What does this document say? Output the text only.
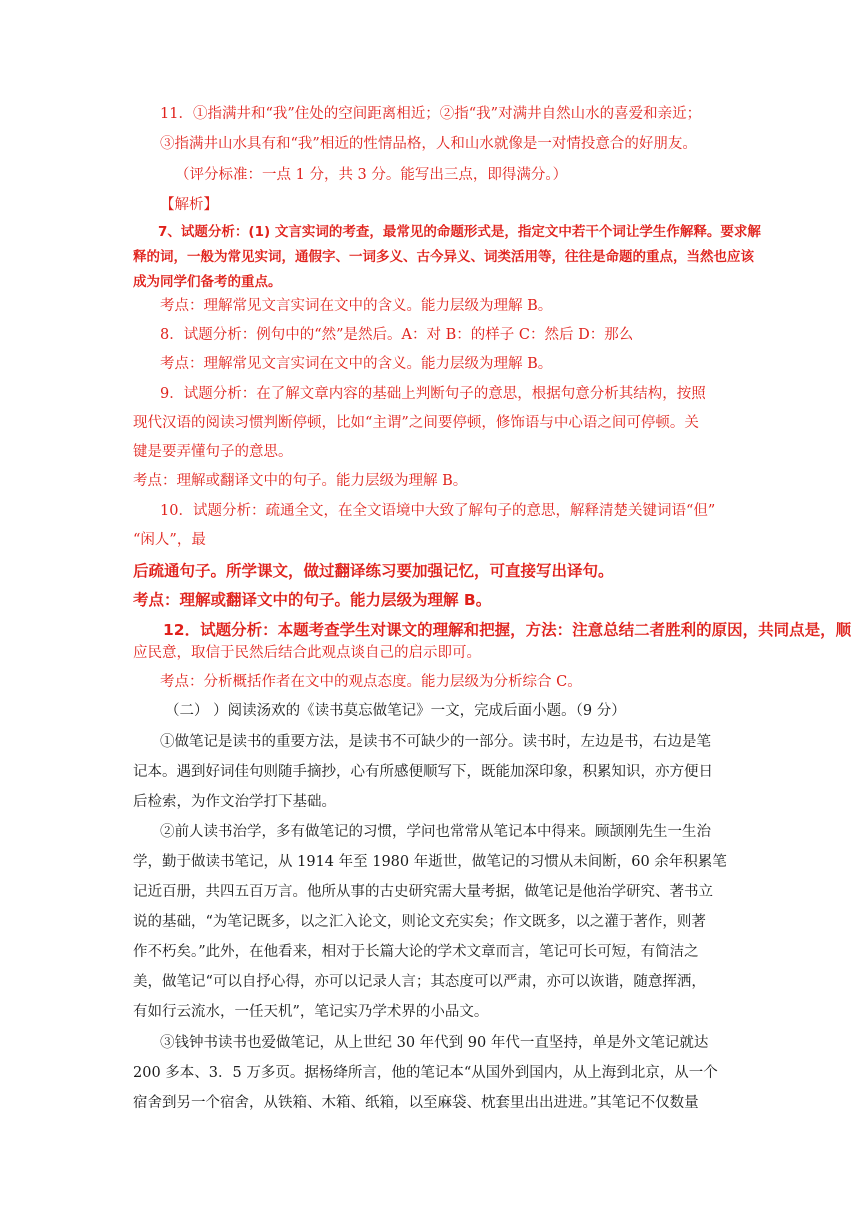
11．①指满井和“我”住处的空间距离相近；②指“我”对满井自然山水的喜爱和亲近；

③指满井山水具有和“我”相近的性情品格，人和山水就像是一对情投意合的好朋友。

（评分标准：一点 1 分，共 3 分。能写出三点，即得满分。）

【解析】

7、试题分析：(1) 文言实词的考查，最常见的命题形式是，指定文中若干个词让学生作解释。要求解

释的词，一般为常见实词，通假字、一词多义、古今异义、词类活用等，往往是命题的重点，当然也应该

成为同学们备考的重点。

考点：理解常见文言实词在文中的含义。能力层级为理解 B。

8．试题分析：例句中的“然”是然后。A：对 B：的样子 C：然后 D：那么

考点：理解常见文言实词在文中的含义。能力层级为理解 B。

9．试题分析：在了解文章内容的基础上判断句子的意思，根据句意分析其结构，按照

现代汉语的阅读习惯判断停顿，比如“主谓”之间要停顿，修饰语与中心语之间可停顿。关

键是要弄懂句子的意思。

考点：理解或翻译文中的句子。能力层级为理解 B。

10．试题分析：疏通全文，在全文语境中大致了解句子的意思，解释清楚关键词语“但”

“闲人”，最

后疏通句子。所学课文，做过翻译练习要加强记忆，可直接写出译句。

考点：理解或翻译文中的句子。能力层级为理解 B。

12．试题分析：本题考查学生对课文的理解和把握，方法：注意总结二者胜利的原因，共同点是，顺

应民意，取信于民然后结合此观点谈自己的启示即可。

考点：分析概括作者在文中的观点态度。能力层级为分析综合 C。

（二） ）阅读汤欢的《读书莫忘做笔记》一文，完成后面小题。（9 分）

①做笔记是读书的重要方法，是读书不可缺少的一部分。读书时，左边是书，右边是笔

记本。遇到好词佳句则随手摘抄，心有所感便顺写下，既能加深印象，积累知识，亦方便日

后检索，为作文治学打下基础。

②前人读书治学，多有做笔记的习惯，学问也常常从笔记本中得来。顾颉刚先生一生治

学，勤于做读书笔记，从 1914 年至 1980 年逝世，做笔记的习惯从未间断，60 余年积累笔

记近百册，共四五百万言。他所从事的古史研究需大量考据，做笔记是他治学研究、著书立

说的基础，“为笔记既多，以之汇入论文，则论文充实矣；作文既多，以之灌于著作，则著

作不朽矣。”此外，在他看来，相对于长篇大论的学术文章而言，笔记可长可短，有简洁之

美，做笔记“可以自抒心得，亦可以记录人言；其态度可以严肃，亦可以诙谐，随意挥洒，

有如行云流水，一任天机”，笔记实乃学术界的小品文。

③钱钟书读书也爱做笔记，从上世纪 30 年代到 90 年代一直坚持，单是外文笔记就达

200 多本、3．5 万多页。据杨绛所言，他的笔记本“从国外到国内，从上海到北京，从一个

宿舍到另一个宿舍，从铁箱、木箱、纸箱，以至麻袋、枕套里出出进进。”其笔记不仅数量
